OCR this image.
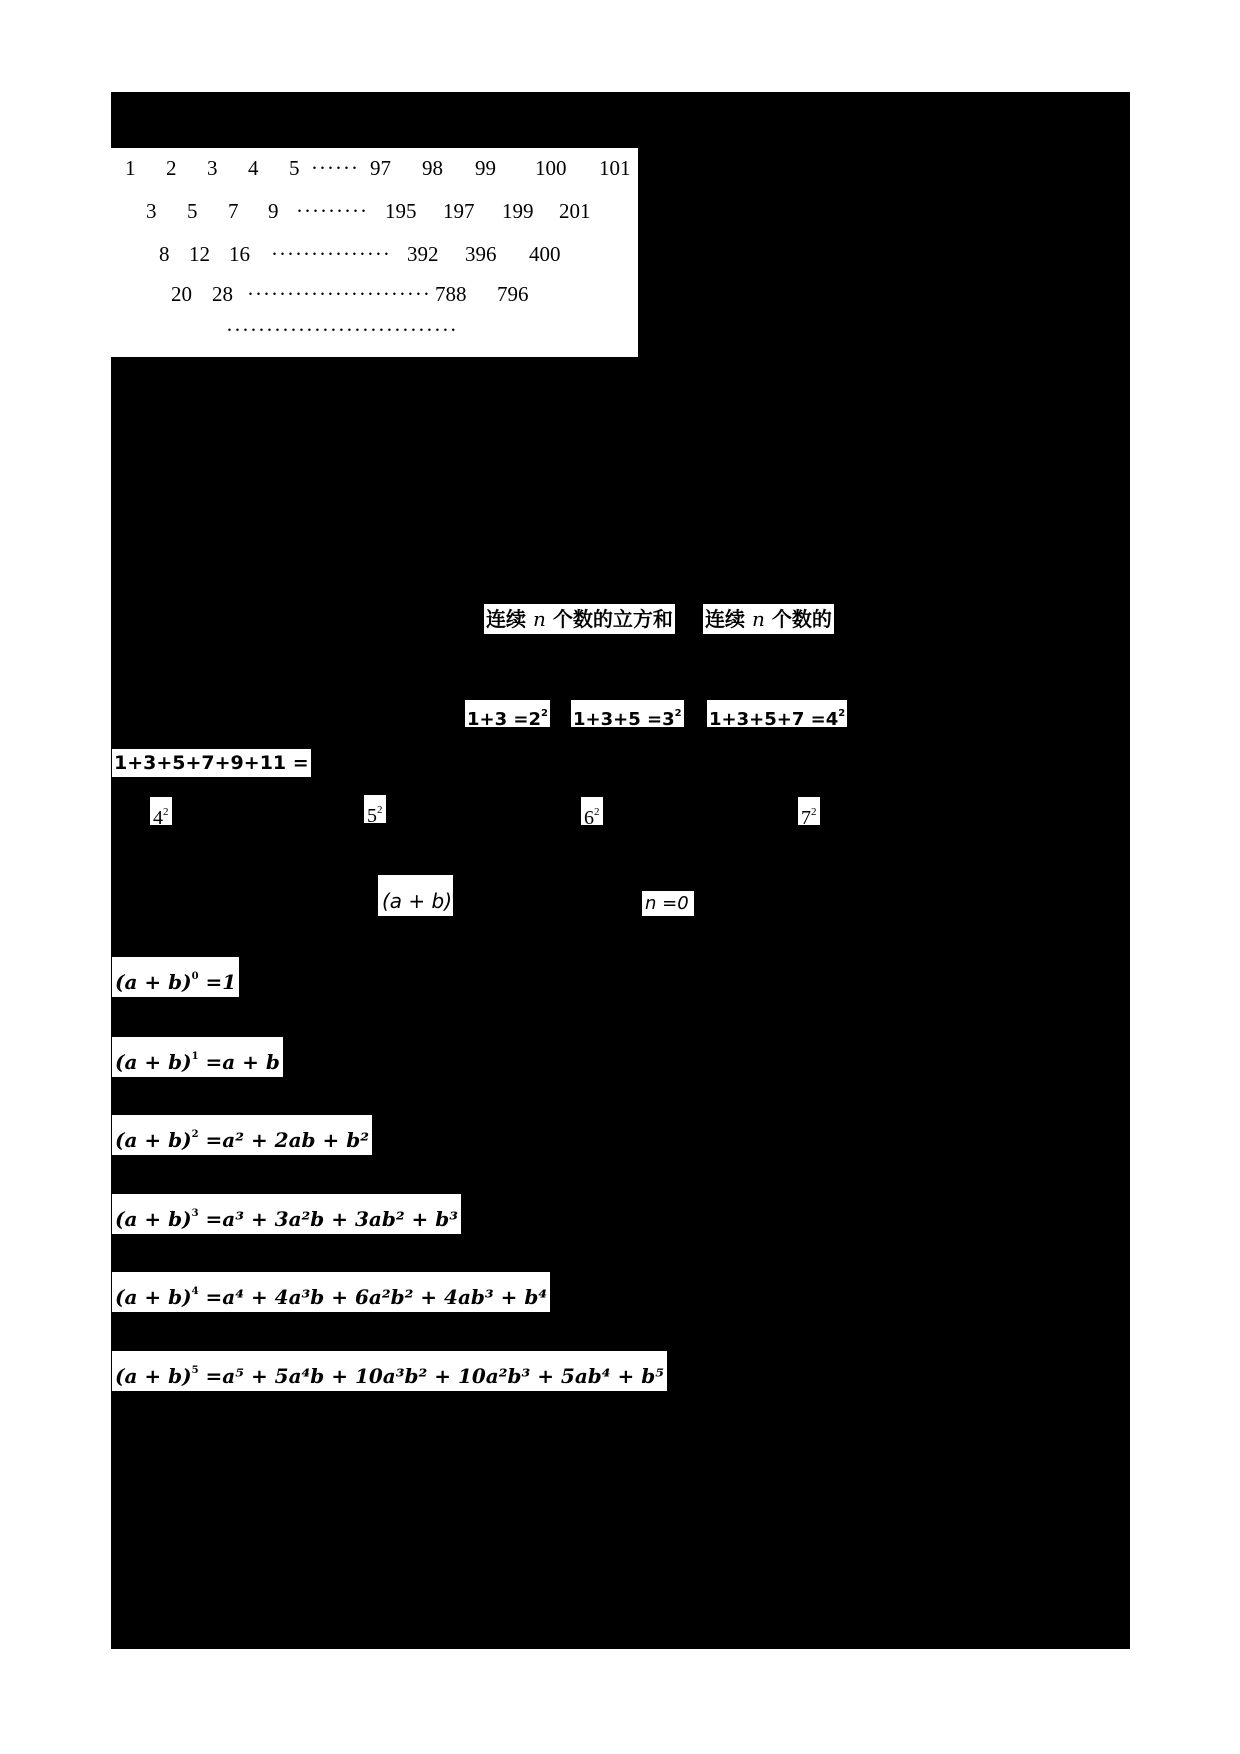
1 2 3 4 5 ······ 97 98 99 100 101
3 5 7 9 ········· 195 197 199 201
8 12 16 ··············· 392 396 400
20 28 ······················· 788 796
·····························
连续 n 个数的立方和 连续 n 个数的
$1+3 =2^2$ $1+3+5 =3^2$ $1+3+5+7 =4^2$
1+3+5+7+9+11 =
$4^2$	$5^2$	$6^2$	$7^2$
$(a + b)^n$	n =0
$(a + b)^0 =1$
$(a + b)^1 =a + b$
$(a + b)^2 =a^2 + 2ab + b^2$
$(a + b)^3 =a^3 + 3a^2b + 3ab^2 + b^3$
$(a + b)^4 =a^4 + 4a^3b + 6a^2b^2 + 4ab^3 + b^4$
$(a + b)^5 =a^5 + 5a^4b + 10a^3b^2 + 10a^2b^3 + 5ab^4 + b^5$
